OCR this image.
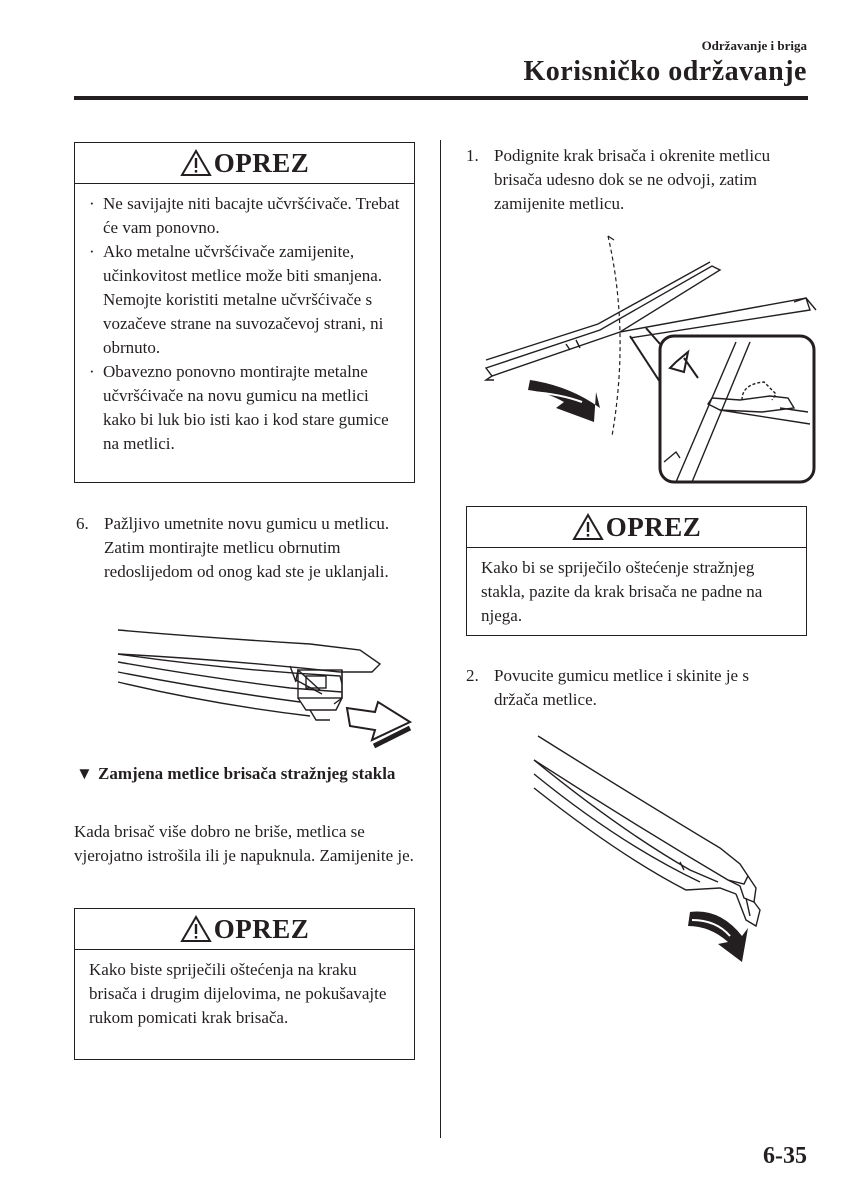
Održavanje i briga
Korisničko održavanje
OPREZ
· Ne savijajte niti bacajte učvršćivače. Trebat će vam ponovno.
· Ako metalne učvršćivače zamijenite, učinkovitost metlice može biti smanjena.
Nemojte koristiti metalne učvršćivače s vozačeve strane na suvozačevoj strani, ni obrnuto.
· Obavezno ponovno montirajte metalne učvršćivače na novu gumicu na metlici kako bi luk bio isti kao i kod stare gumice na metlici.
6. Pažljivo umetnite novu gumicu u metlicu. Zatim montirajte metlicu obrnutim redoslijedom od onog kad ste je uklanjali.
▼ Zamjena metlice brisača stražnjeg stakla
Kada brisač više dobro ne briše, metlica se vjerojatno istrošila ili je napuknula. Zamijenite je.
OPREZ
Kako biste spriječili oštećenja na kraku brisača i drugim dijelovima, ne pokušavajte rukom pomicati krak brisača.
1. Podignite krak brisača i okrenite metlicu brisača udesno dok se ne odvoji, zatim zamijenite metlicu.
OPREZ
Kako bi se spriječilo oštećenje stražnjeg stakla, pazite da krak brisača ne padne na njega.
2. Povucite gumicu metlice i skinite je s držača metlice.
6-35
